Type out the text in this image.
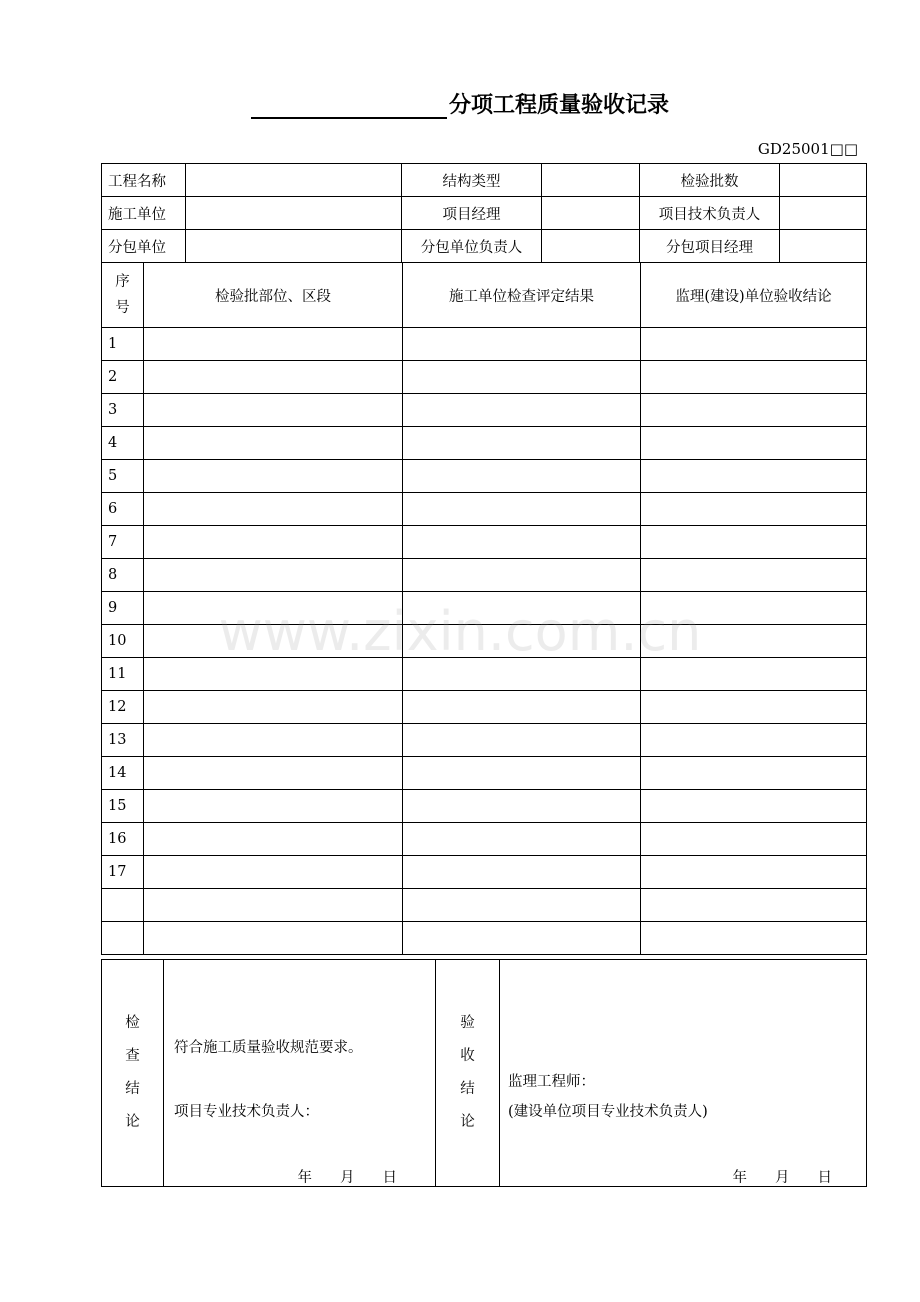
分项工程质量验收记录
GD25001□□
工程名称		结构类型		检验批数	
施工单位		项目经理		项目技术负责人	
分包单位		分包单位负责人		分包项目经理	
序
号	检验批部位、区段	施工单位检查评定结果	监理(建设)单位验收结论
1			
2			
3			
4			
5			
6			
7			
8			
9			
10			
11			
12			
13			
14			
15			
16			
17			

检
查
结
论

符合施工质量验收规范要求。
项目专业技术负责人：
年 月 日

验
收
结
论

监理工程师：
(建设单位项目专业技术负责人)
年 月 日
www.zixin.com.cn
